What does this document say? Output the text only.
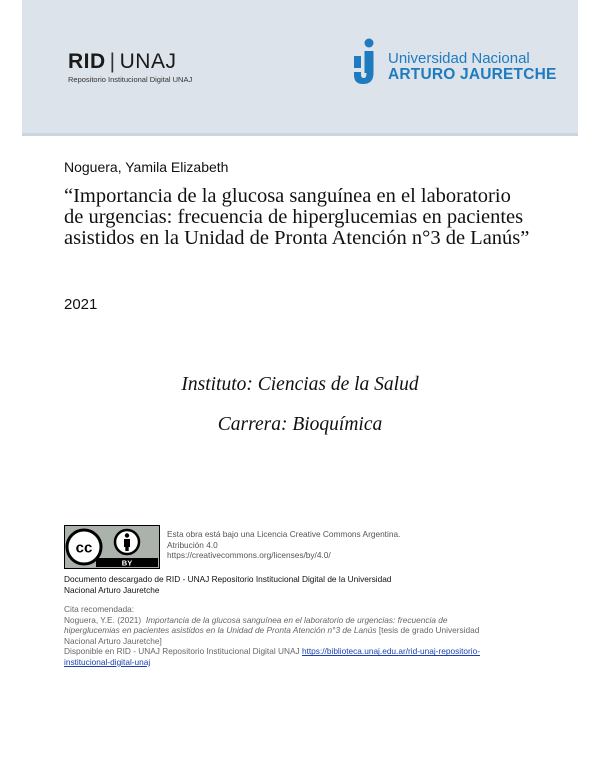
RID | UNAJ
Repositorio Institucional Digital UNAJ
Universidad Nacional
ARTURO JAURETCHE
Noguera, Yamila Elizabeth
“Importancia de la glucosa sanguínea en el laboratorio de urgencias: frecuencia de hiperglucemias en pacientes asistidos en la Unidad de Pronta Atención n°3 de Lanús”
2021
Instituto: Ciencias de la Salud
Carrera: Bioquímica
cc
BY
Esta obra está bajo una Licencia Creative Commons Argentina.
Atribución 4.0
https://creativecommons.org/licenses/by/4.0/
Documento descargado de RID - UNAJ Repositorio Institucional Digital de la Universidad
Nacional Arturo Jauretche
Cita recomendada:
Noguera, Y.E. (2021) Importancia de la glucosa sanguínea en el laboratorio de urgencias: frecuencia de hiperglucemias en pacientes asistidos en la Unidad de Pronta Atención n°3 de Lanús [tesis de grado Universidad Nacional Arturo Jauretche]
Disponible en RID - UNAJ Repositorio Institucional Digital UNAJ https://biblioteca.unaj.edu.ar/rid-unaj-repositorio-institucional-digital-unaj
